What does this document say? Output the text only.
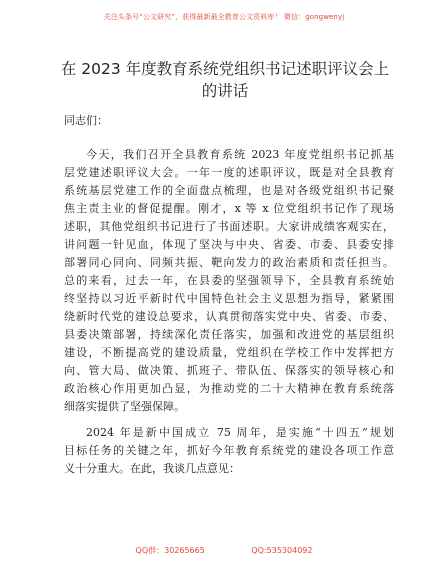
关注头条号“公文研究”，获得最新最全教育公文资料库！ 微信：gongwenyj
在 2023 年度教育系统党组织书记述职评议会上
的讲话
同志们：
今天，我们召开全县教育系统 2023 年度党组织书记抓基
层党建述职评议大会。一年一度的述职评议，既是对全县教育
系统基层党建工作的全面盘点梳理，也是对各级党组织书记聚
焦主责主业的督促提醒。刚才，x 等 x 位党组织书记作了现场
述职，其他党组织书记进行了书面述职。大家讲成绩客观实在，
讲问题一针见血，体现了坚决与中央、省委、市委、县委安排
部署同心同向、同频共振、靶向发力的政治素质和责任担当。
总的来看，过去一年，在县委的坚强领导下，全县教育系统始
终坚持以习近平新时代中国特色社会主义思想为指导，紧紧围
绕新时代党的建设总要求，认真贯彻落实党中央、省委、市委、
县委决策部署，持续深化责任落实，加强和改进党的基层组织
建设，不断提高党的建设质量，党组织在学校工作中发挥把方
向、管大局、做决策、抓班子、带队伍、保落实的领导核心和
政治核心作用更加凸显，为推动党的二十大精神在教育系统落
细落实提供了坚强保障。
2024 年是新中国成立 75 周年，是实施“十四五”规划
目标任务的关键之年，抓好今年教育系统党的建设各项工作意
义十分重大。在此，我谈几点意见：
QQ群：30265665	QQ:535304092
